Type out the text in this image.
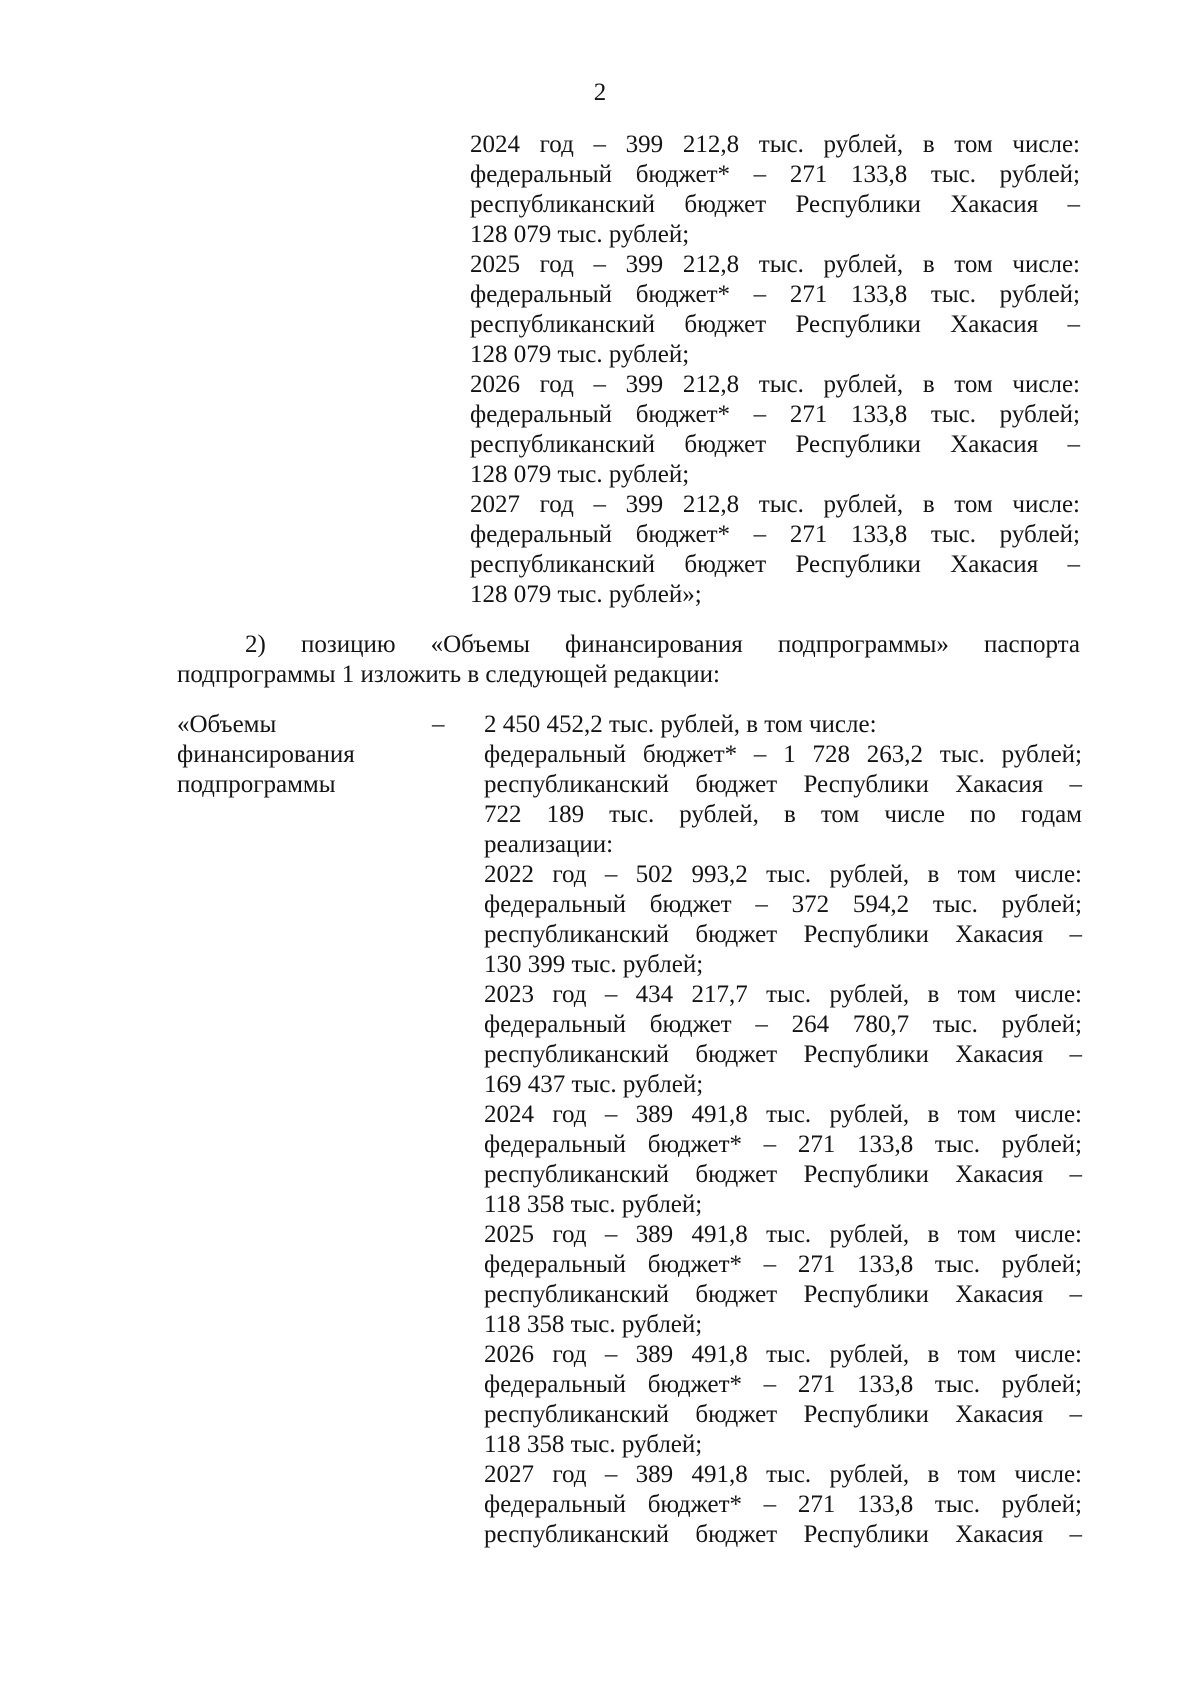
2
2024 год – 399 212,8 тыс. рублей, в том числе:
федеральный бюджет* – 271 133,8 тыс. рублей;
республиканский бюджет Республики Хакасия –
128 079 тыс. рублей;
2025 год – 399 212,8 тыс. рублей, в том числе:
федеральный бюджет* – 271 133,8 тыс. рублей;
республиканский бюджет Республики Хакасия –
128 079 тыс. рублей;
2026 год – 399 212,8 тыс. рублей, в том числе:
федеральный бюджет* – 271 133,8 тыс. рублей;
республиканский бюджет Республики Хакасия –
128 079 тыс. рублей;
2027 год – 399 212,8 тыс. рублей, в том числе:
федеральный бюджет* – 271 133,8 тыс. рублей;
республиканский бюджет Республики Хакасия –
128 079 тыс. рублей»;
2) позицию «Объемы финансирования подпрограммы» паспорта
подпрограммы 1 изложить в следующей редакции:
«Объемы
финансирования
подпрограммы
– 2 450 452,2 тыс. рублей, в том числе:
федеральный бюджет* – 1 728 263,2 тыс. рублей;
республиканский бюджет Республики Хакасия –
722 189 тыс. рублей, в том числе по годам
реализации:
2022 год – 502 993,2 тыс. рублей, в том числе:
федеральный бюджет – 372 594,2 тыс. рублей;
республиканский бюджет Республики Хакасия –
130 399 тыс. рублей;
2023 год – 434 217,7 тыс. рублей, в том числе:
федеральный бюджет – 264 780,7 тыс. рублей;
республиканский бюджет Республики Хакасия –
169 437 тыс. рублей;
2024 год – 389 491,8 тыс. рублей, в том числе:
федеральный бюджет* – 271 133,8 тыс. рублей;
республиканский бюджет Республики Хакасия –
118 358 тыс. рублей;
2025 год – 389 491,8 тыс. рублей, в том числе:
федеральный бюджет* – 271 133,8 тыс. рублей;
республиканский бюджет Республики Хакасия –
118 358 тыс. рублей;
2026 год – 389 491,8 тыс. рублей, в том числе:
федеральный бюджет* – 271 133,8 тыс. рублей;
республиканский бюджет Республики Хакасия –
118 358 тыс. рублей;
2027 год – 389 491,8 тыс. рублей, в том числе:
федеральный бюджет* – 271 133,8 тыс. рублей;
республиканский бюджет Республики Хакасия –
